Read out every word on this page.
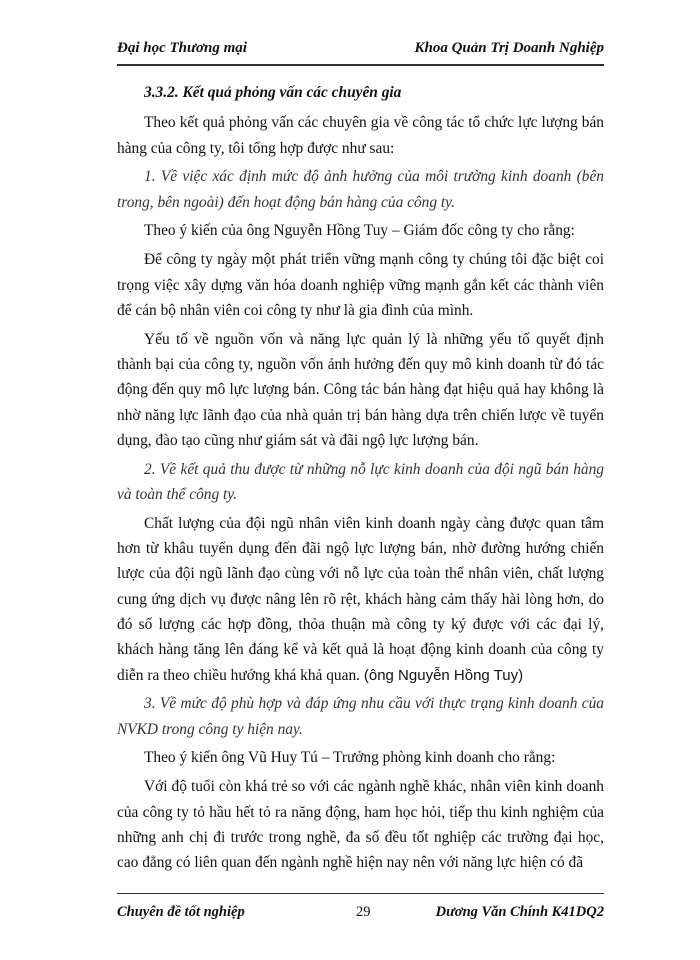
Đại học Thương mại	Khoa Quản Trị Doanh Nghiệp

3.3.2. Kết quả phỏng vấn các chuyên gia

Theo kết quả phỏng vấn các chuyên gia về công tác tổ chức lực lượng bán hàng của công ty, tôi tổng hợp được như sau:

1. Về việc xác định mức độ ảnh hưởng của môi trường kinh doanh (bên trong, bên ngoài) đến hoạt động bán hàng của công ty.

Theo ý kiến của ông Nguyễn Hồng Tuy – Giám đốc công ty cho rằng:

Để công ty ngày một phát triển vững mạnh công ty chúng tôi đặc biệt coi trọng việc xây dựng văn hóa doanh nghiệp vững mạnh gắn kết các thành viên để cán bộ nhân viên coi công ty như là gia đình của mình.

Yếu tố về nguồn vốn và năng lực quản lý là những yếu tố quyết định thành bại của công ty, nguồn vốn ảnh hưởng đến quy mô kinh doanh từ đó tác động đến quy mô lực lượng bán. Công tác bán hàng đạt hiệu quả hay không là nhờ năng lực lãnh đạo của nhà quản trị bán hàng dựa trên chiến lược về tuyển dụng, đào tạo cũng như giám sát và đãi ngộ lực lượng bán.

2. Về kết quả thu được từ những nỗ lực kinh doanh của đội ngũ bán hàng và toàn thể công ty.

Chất lượng của đội ngũ nhân viên kinh doanh ngày càng được quan tâm hơn từ khâu tuyển dụng đến đãi ngộ lực lượng bán, nhờ đường hướng chiến lược của đội ngũ lãnh đạo cùng với nỗ lực của toàn thể nhân viên, chất lượng cung ứng dịch vụ được nâng lên rõ rệt, khách hàng cảm thấy hài lòng hơn, do đó số lượng các hợp đồng, thỏa thuận mà công ty ký được với các đại lý, khách hàng tăng lên đáng kể và kết quả là hoạt động kinh doanh của công ty diễn ra theo chiều hướng khá khả quan. (ông Nguyễn Hồng Tuy)

3. Về mức độ phù hợp và đáp ứng nhu cầu với thực trạng kinh doanh của NVKD trong công ty hiện nay.

Theo ý kiến ông Vũ Huy Tú – Trưởng phòng kinh doanh cho rằng:

Với độ tuổi còn khá trẻ so với các ngành nghề khác, nhân viên kinh doanh của công ty tỏ hầu hết tỏ ra năng động, ham học hỏi, tiếp thu kinh nghiệm của những anh chị đi trước trong nghề, đa số đều tốt nghiệp các trường đại học, cao đẳng có liên quan đến ngành nghề hiện nay nên với năng lực hiện có đã

Chuyên đề tốt nghiệp	29	Dương Văn Chính K41DQ2
